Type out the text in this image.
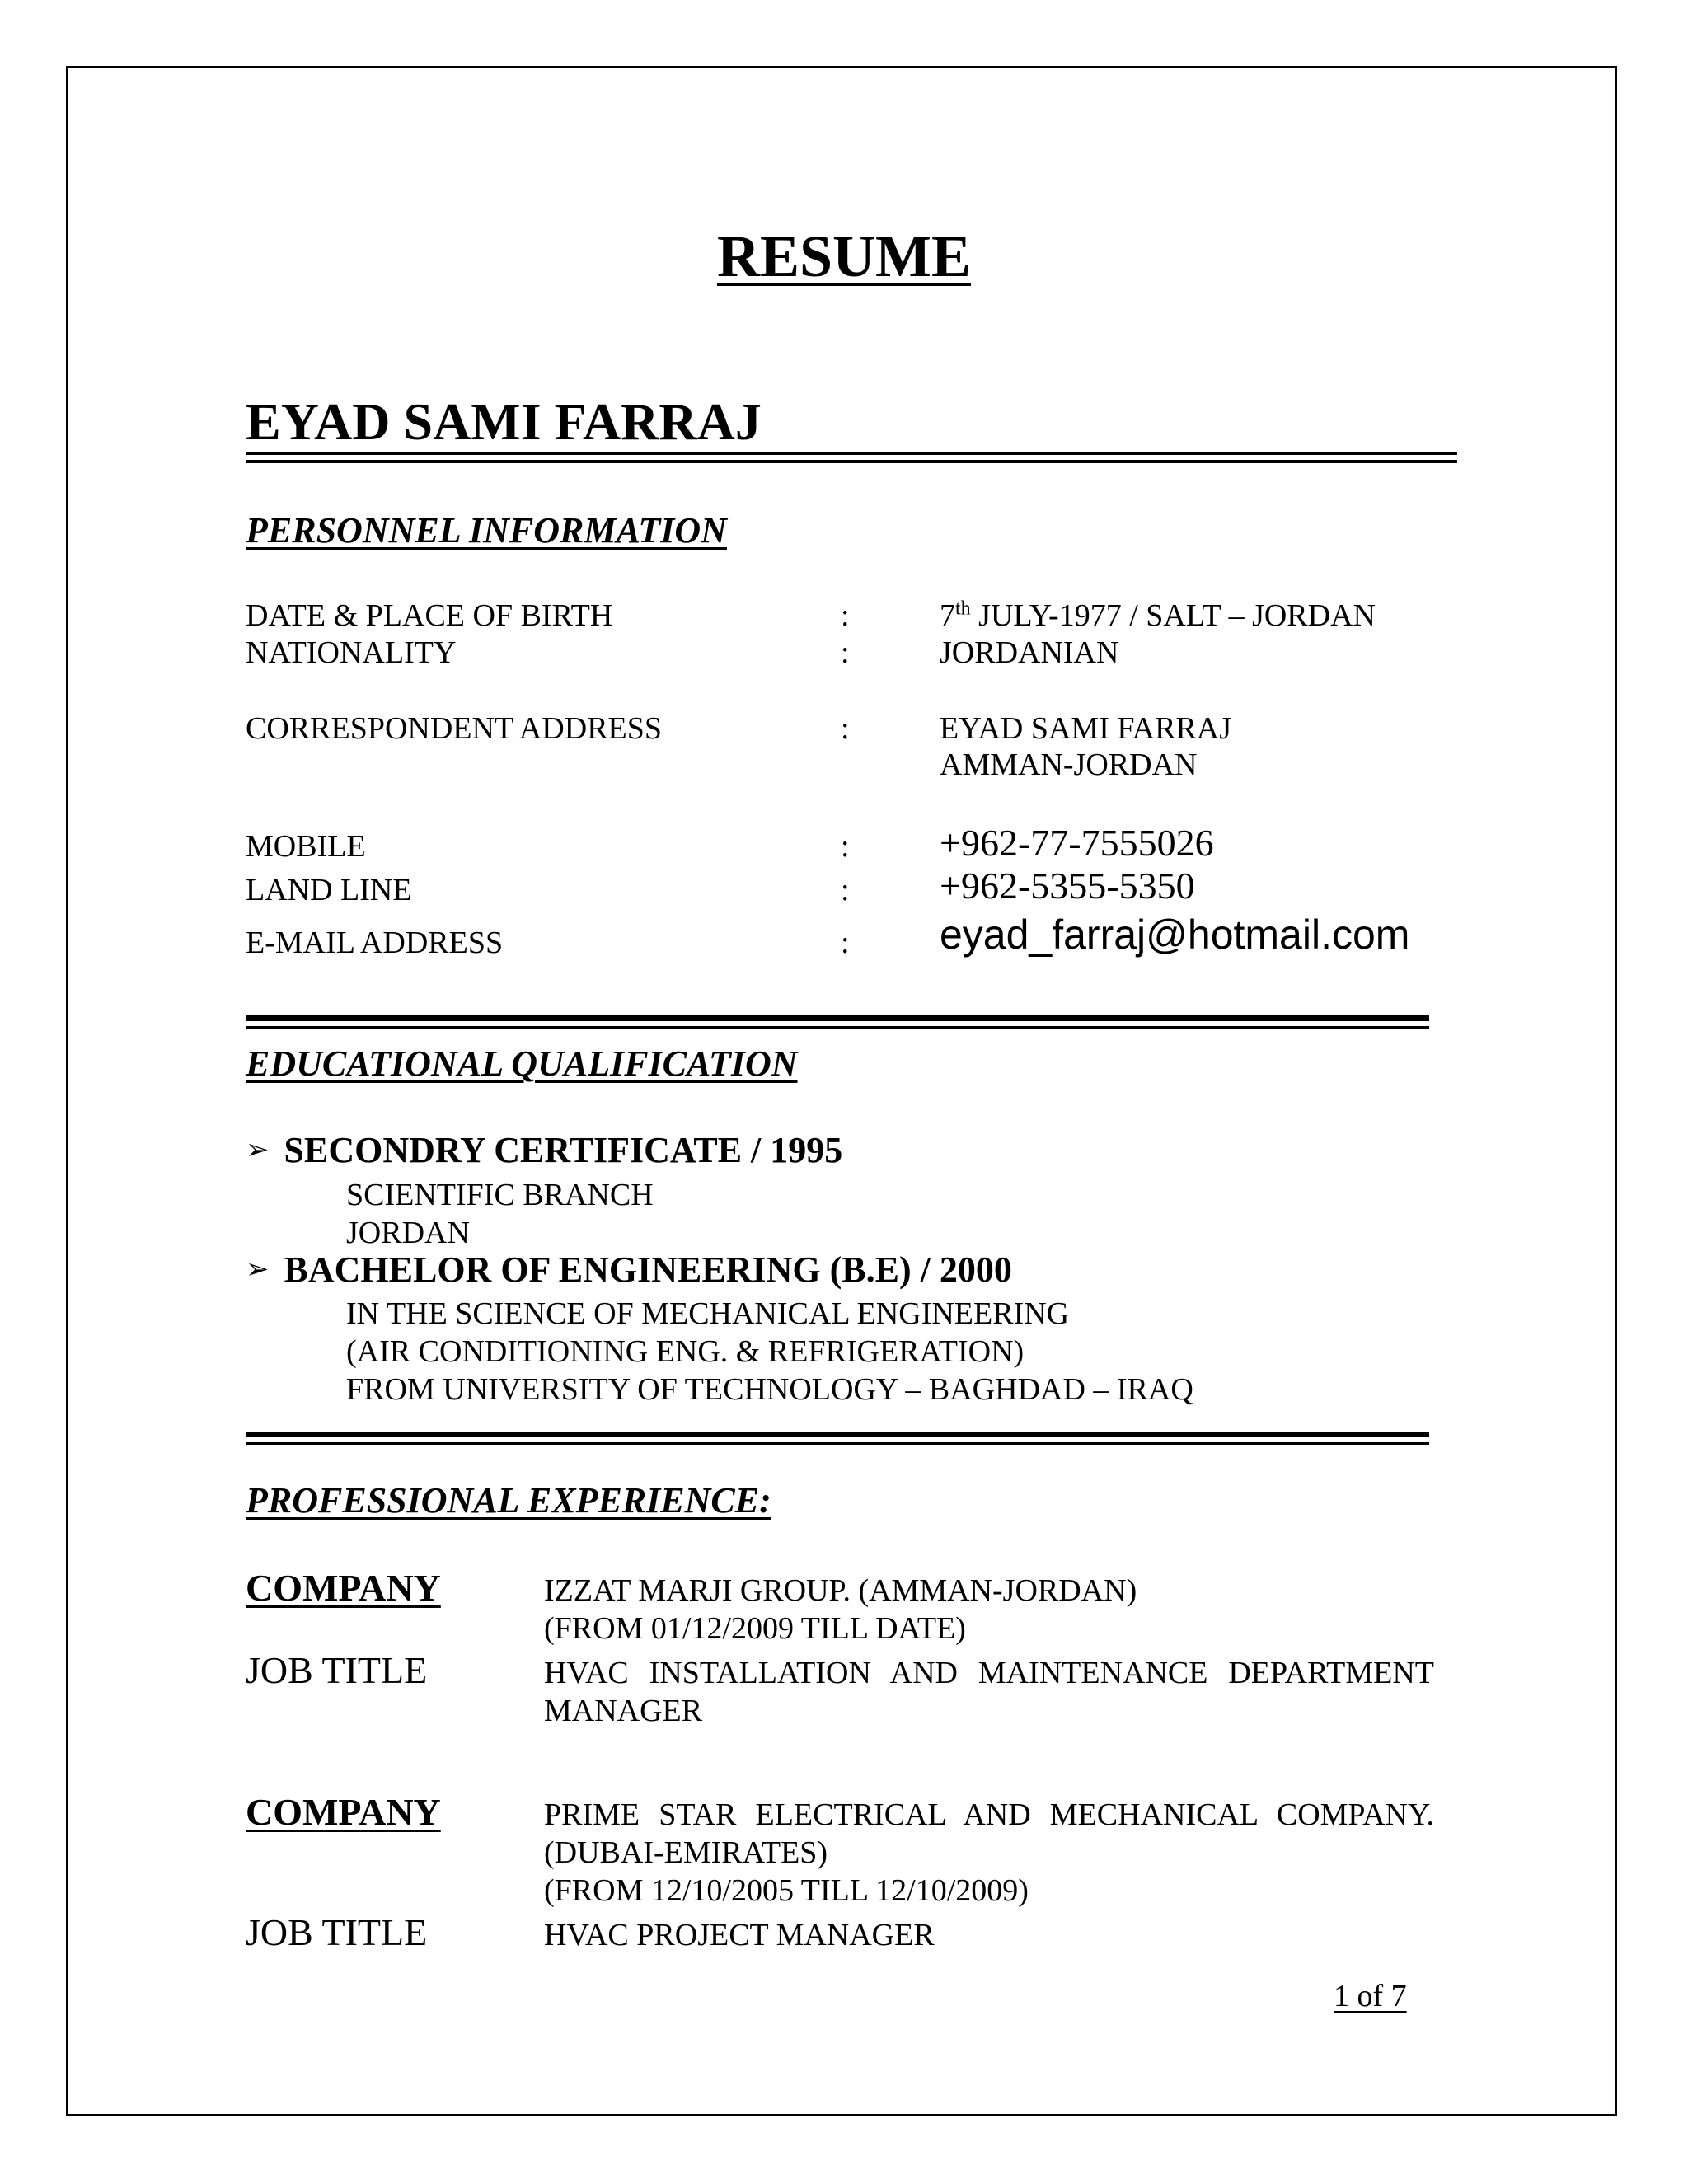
RESUME
EYAD SAMI FARRAJ
PERSONNEL INFORMATION
DATE & PLACE OF BIRTH	:	7th JULY-1977 / SALT – JORDAN
NATIONALITY	:	JORDANIAN
CORRESPONDENT ADDRESS	:	EYAD SAMI FARRAJ
AMMAN-JORDAN
MOBILE	: +962-77-7555026
LAND LINE	: +962-5355-5350
E-MAIL ADDRESS	: eyad_farraj@hotmail.com
EDUCATIONAL QUALIFICATION
➢ SECONDRY CERTIFICATE / 1995
SCIENTIFIC BRANCH
JORDAN
➢ BACHELOR OF ENGINEERING (B.E) / 2000
IN THE SCIENCE OF MECHANICAL ENGINEERING
(AIR CONDITIONING ENG. & REFRIGERATION)
FROM UNIVERSITY OF TECHNOLOGY – BAGHDAD – IRAQ
PROFESSIONAL EXPERIENCE:
COMPANY	IZZAT MARJI GROUP. (AMMAN-JORDAN)
(FROM 01/12/2009 TILL DATE)
JOB TITLE	HVAC INSTALLATION AND MAINTENANCE DEPARTMENT
MANAGER
COMPANY	PRIME STAR ELECTRICAL AND MECHANICAL COMPANY.
(DUBAI-EMIRATES)
(FROM 12/10/2005 TILL 12/10/2009)
JOB TITLE	HVAC PROJECT MANAGER
1 of 7
